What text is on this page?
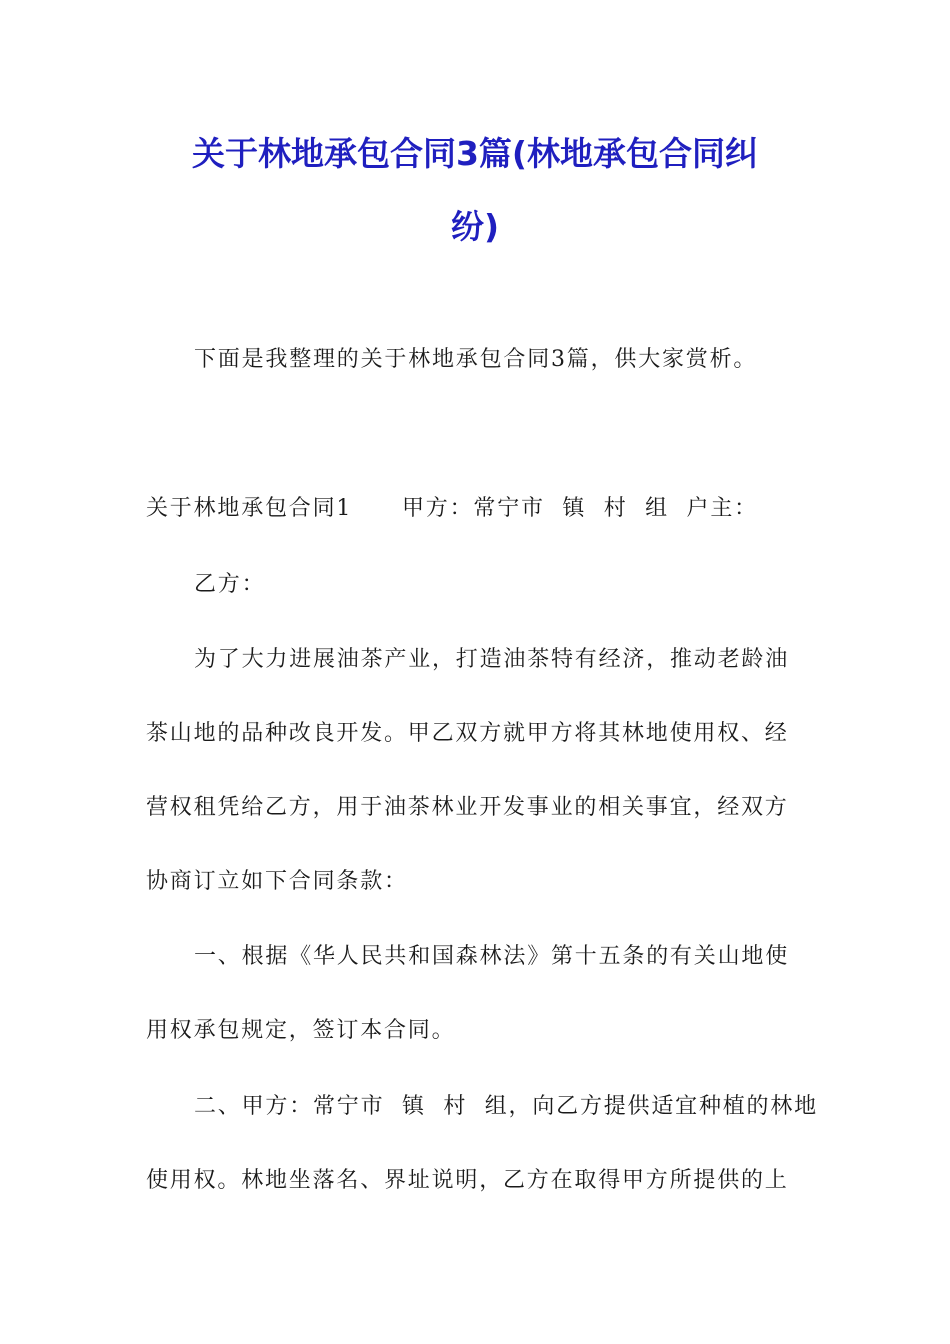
关于林地承包合同3篇(林地承包合同纠
纷)
下面是我整理的关于林地承包合同3篇，供大家赏析。
关于林地承包合同1 甲方：常宁市  镇  村  组  户主：
乙方：
为了大力进展油茶产业，打造油茶特有经济，推动老龄油
茶山地的品种改良开发。甲乙双方就甲方将其林地使用权、经
营权租凭给乙方，用于油茶林业开发事业的相关事宜，经双方
协商订立如下合同条款：
一、根据《华人民共和国森林法》第十五条的有关山地使
用权承包规定，签订本合同。
二、甲方：常宁市  镇  村  组，向乙方提供适宜种植的林地
使用权。林地坐落名、界址说明，乙方在取得甲方所提供的上
